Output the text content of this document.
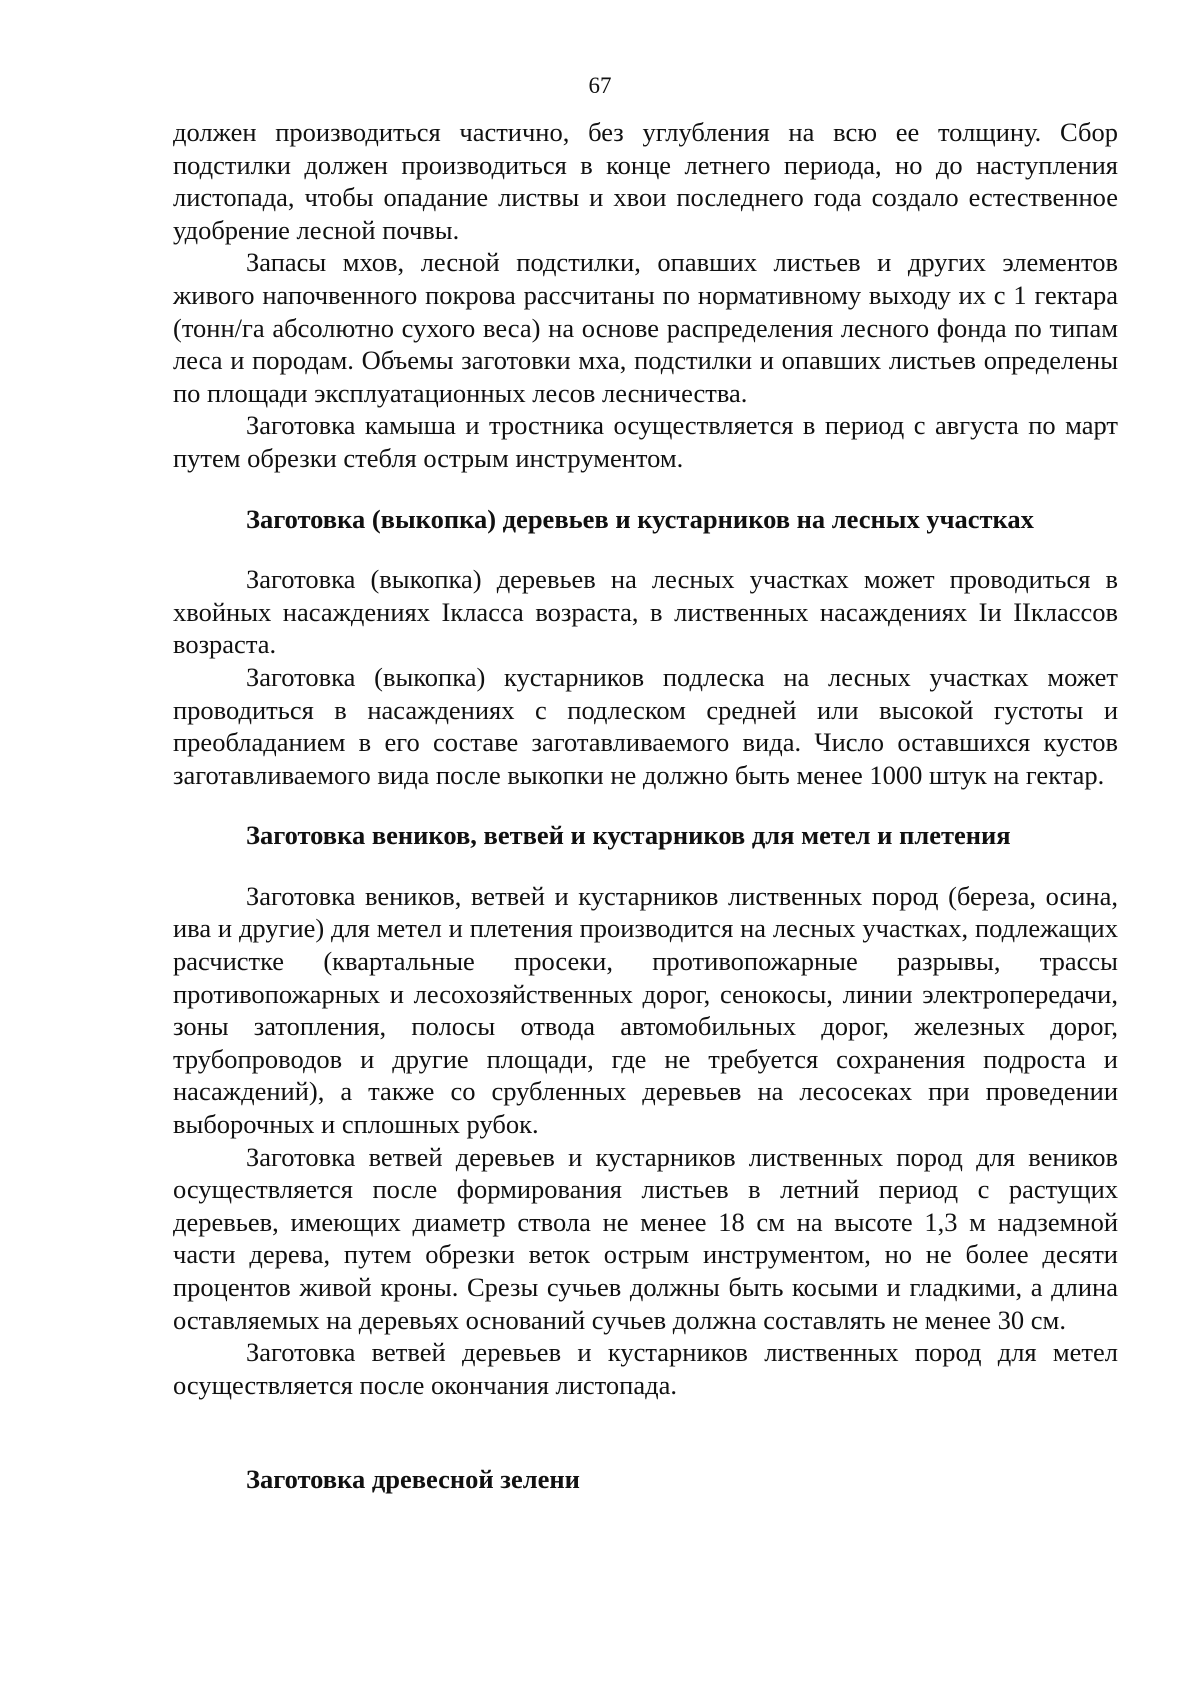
67

должен производиться частично, без углубления на всю ее толщину. Сбор подстилки должен производиться в конце летнего периода, но до наступления листопада, чтобы опадание листвы и хвои последнего года создало естественное удобрение лесной почвы.

Запасы мхов, лесной подстилки, опавших листьев и других элементов живого напочвенного покрова рассчитаны по нормативному выходу их с 1 гектара (тонн/га абсолютно сухого веса) на основе распределения лесного фонда по типам леса и породам. Объемы заготовки мха, подстилки и опавших листьев определены по площади эксплуатационных лесов лесничества.

Заготовка камыша и тростника осуществляется в период с августа по март путем обрезки стебля острым инструментом.

Заготовка (выкопка) деревьев и кустарников на лесных участках

Заготовка (выкопка) деревьев на лесных участках может проводиться в хвойных насаждениях Iкласса возраста, в лиственных насаждениях Iи IIклассов возраста.

Заготовка (выкопка) кустарников подлеска на лесных участках может проводиться в насаждениях с подлеском средней или высокой густоты и преобладанием в его составе заготавливаемого вида. Число оставшихся кустов заготавливаемого вида после выкопки не должно быть менее 1000 штук на гектар.

Заготовка веников, ветвей и кустарников для метел и плетения

Заготовка веников, ветвей и кустарников лиственных пород (береза, осина, ива и другие) для метел и плетения производится на лесных участках, подлежащих расчистке (квартальные просеки, противопожарные разрывы, трассы противопожарных и лесохозяйственных дорог, сенокосы, линии электропередачи, зоны затопления, полосы отвода автомобильных дорог, железных дорог, трубопроводов и другие площади, где не требуется сохранения подроста и насаждений), а также со срубленных деревьев на лесосеках при проведении выборочных и сплошных рубок.

Заготовка ветвей деревьев и кустарников лиственных пород для веников осуществляется после формирования листьев в летний период с растущих деревьев, имеющих диаметр ствола не менее 18 см на высоте 1,3 м надземной части дерева, путем обрезки веток острым инструментом, но не более десяти процентов живой кроны. Срезы сучьев должны быть косыми и гладкими, а длина оставляемых на деревьях оснований сучьев должна составлять не менее 30 см.

Заготовка ветвей деревьев и кустарников лиственных пород для метел осуществляется после окончания листопада.

Заготовка древесной зелени
